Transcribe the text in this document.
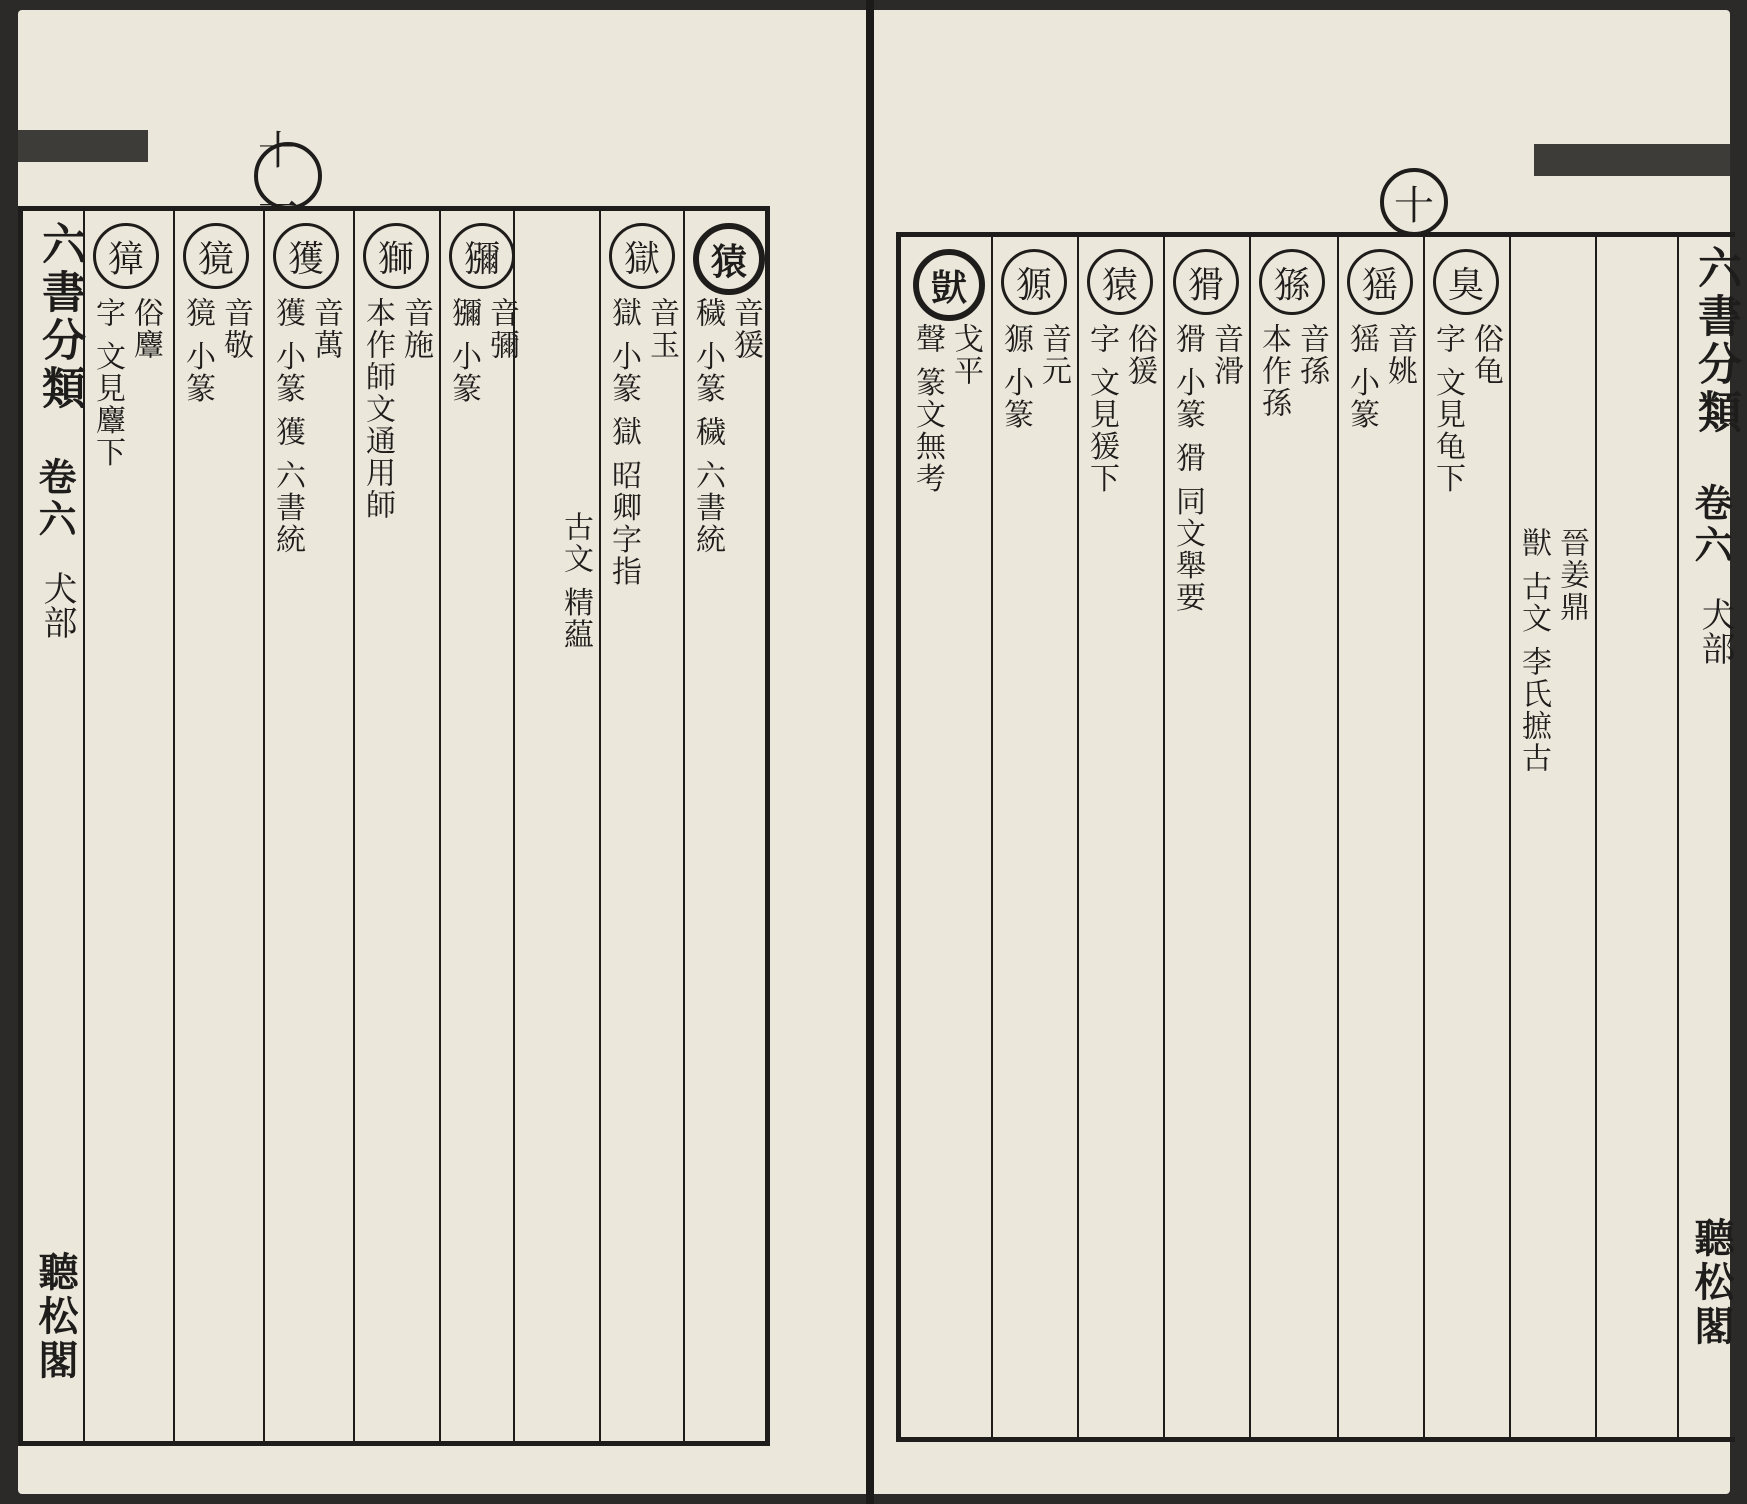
十一
猿
音猨
穢 小篆 穢 六書統
獄
音玉
獄 小篆 獄 昭卿字指
古文 精藴
獼
音彌
獼 小篆
獅
音施
本作師文通用師
獲
音萬
獲 小篆 獲 六書統
獍
音敬
獍 小篆
獐
俗麞
字 文見麞下
六書分類
卷六
犬部
聽松閣
十
臭
俗龟
字 文見龟下
猺
音姚
猺 小篆
猻
音孫
本作孫
猾
音滑
猾 小篆 猾 同文舉要
猿
俗猨
字 文見猨下
獂
音元
獂 小篆
獃
戈平
聲 篆文無考
晉姜鼎
獣 古文 李氏摭古
六書分類
卷六
犬部
聽松閣
